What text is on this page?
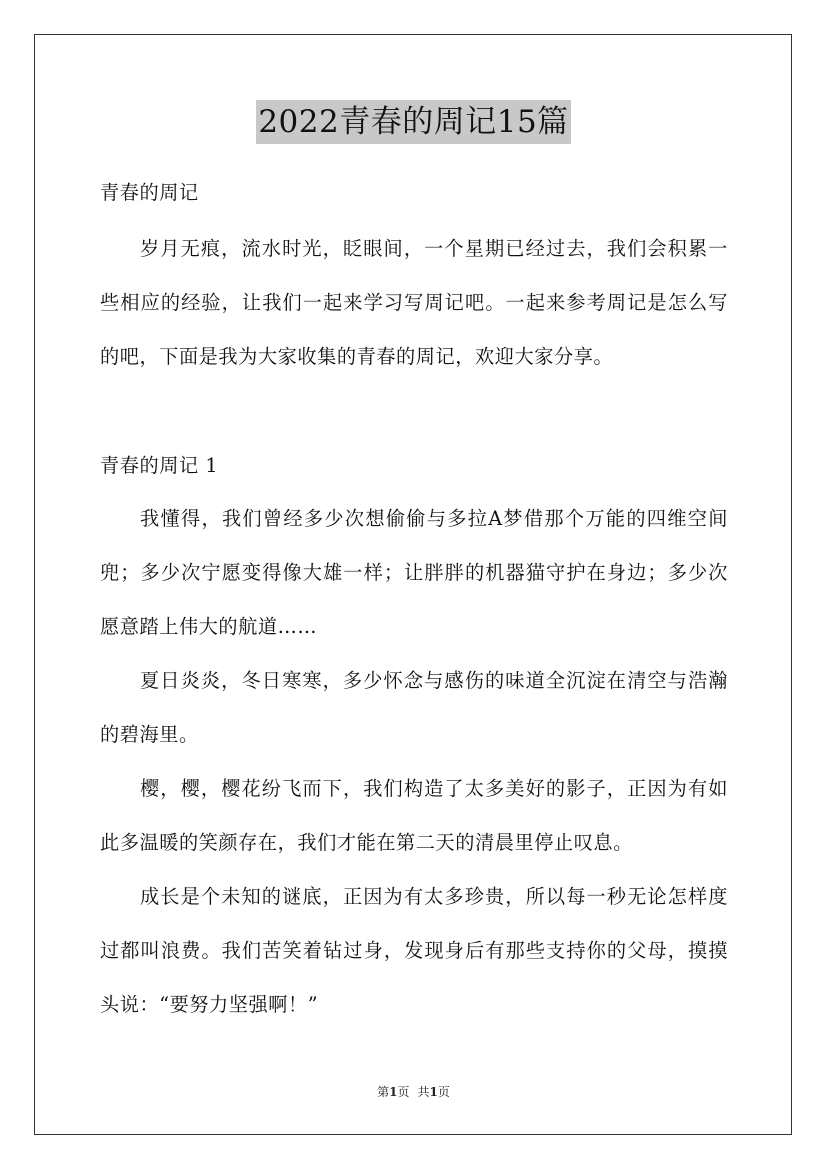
2022青春的周记15篇

青春的周记

岁月无痕，流水时光，眨眼间，一个星期已经过去，我们会积累一些相应的经验，让我们一起来学习写周记吧。一起来参考周记是怎么写的吧，下面是我为大家收集的青春的周记，欢迎大家分享。

青春的周记 1

我懂得，我们曾经多少次想偷偷与多拉A梦借那个万能的四维空间兜；多少次宁愿变得像大雄一样；让胖胖的机器猫守护在身边；多少次愿意踏上伟大的航道……

夏日炎炎，冬日寒寒，多少怀念与感伤的味道全沉淀在清空与浩瀚的碧海里。

樱，樱，樱花纷飞而下，我们构造了太多美好的影子，正因为有如此多温暖的笑颜存在，我们才能在第二天的清晨里停止叹息。

成长是个未知的谜底，正因为有太多珍贵，所以每一秒无论怎样度过都叫浪费。我们苦笑着钻过身，发现身后有那些支持你的父母，摸摸头说：“要努力坚强啊！”

第1页 共1页
